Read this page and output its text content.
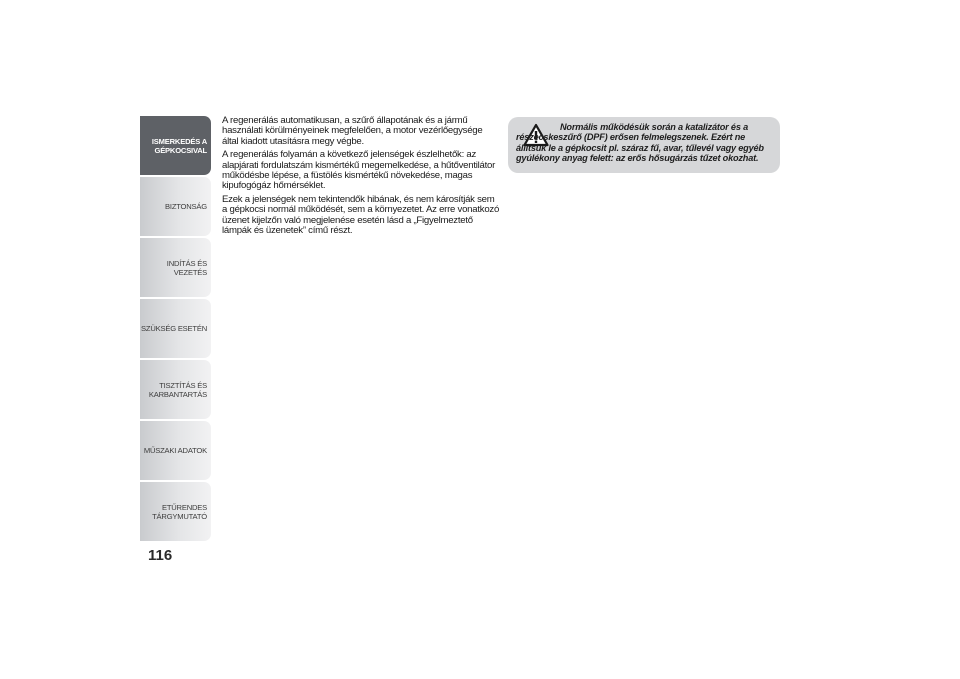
ISMERKEDÉS A
GÉPKOCSIVAL
BIZTONSÁG
INDÍTÁS ÉS VEZETÉS
SZÜKSÉG ESETÉN
TISZTÍTÁS ÉS
KARBANTARTÁS
MŰSZAKI ADATOK
ETŰRENDES
TÁRGYMUTATÓ
116

A regenerálás automatikusan, a szűrő állapotának és a jármű használati körülményeinek megfelelően, a motor vezérlőegysége által kiadott utasításra megy végbe.

A regenerálás folyamán a következő jelenségek észlelhetők: az alapjárati fordulatszám kismértékű megemelkedése, a hűtőventilátor működésbe lépése, a füstölés kismértékű növekedése, magas kipufogógáz hőmérséklet.

Ezek a jelenségek nem tekintendők hibának, és nem károsítják sem a gépkocsi normál működését, sem a környezetet. Az erre vonatkozó üzenet kijelzőn való megjelenése esetén lásd a „Figyelmeztető lámpák és üzenetek” című részt.

Normális működésük során a katalizátor és a részecskeszűrő (DPF) erősen felmelegszenek. Ezért ne állítsuk le a gépkocsit pl. száraz fű, avar, tűlevél vagy egyéb gyúlékony anyag felett: az erős hősugárzás tűzet okozhat.
